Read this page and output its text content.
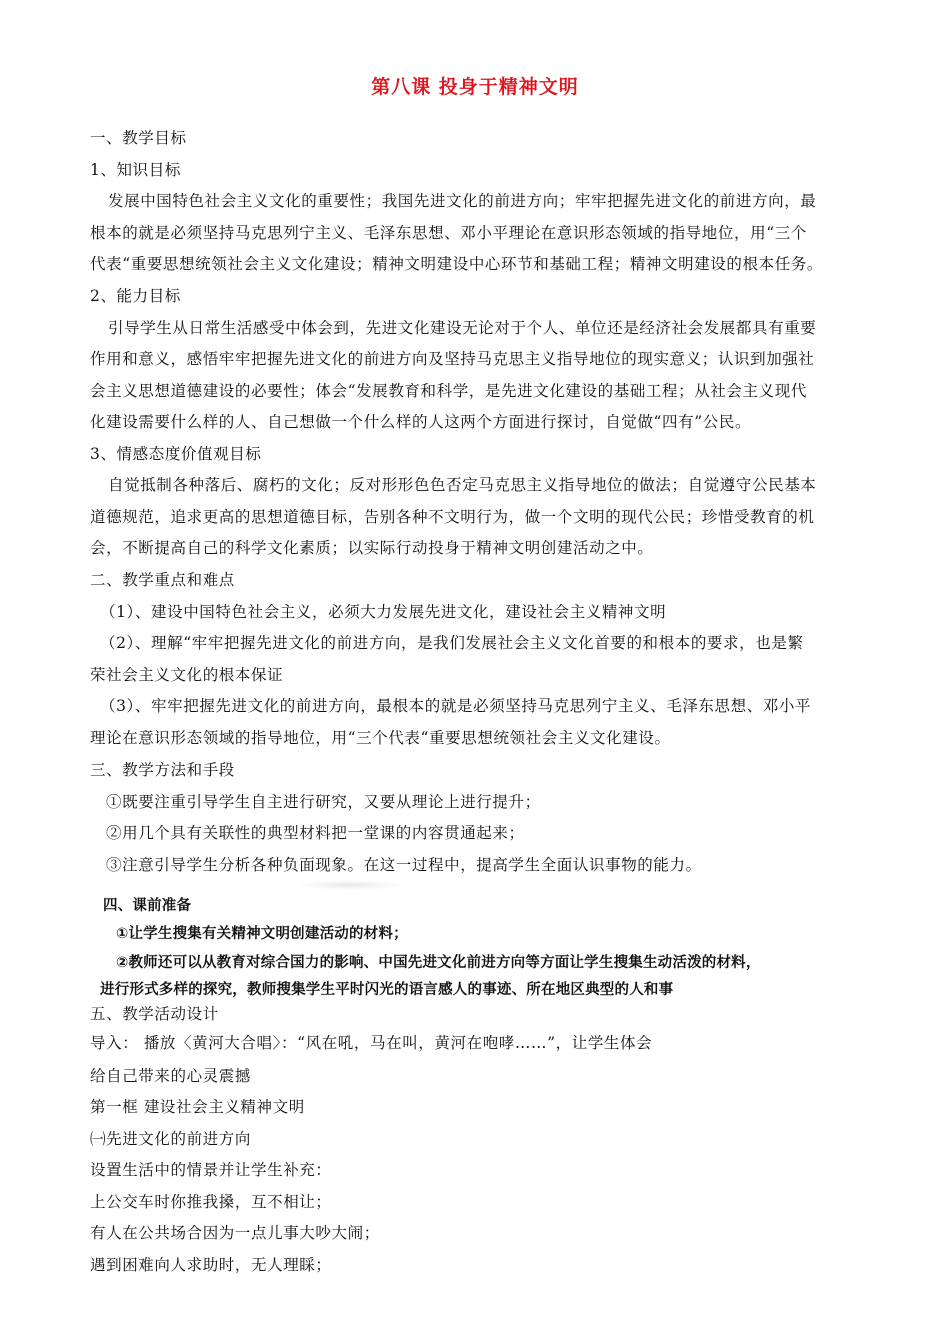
第八课 投身于精神文明
一、教学目标
1、知识目标
发展中国特色社会主义文化的重要性；我国先进文化的前进方向；牢牢把握先进文化的前进方向，最
根本的就是必须坚持马克思列宁主义、毛泽东思想、邓小平理论在意识形态领域的指导地位，用“三个
代表“重要思想统领社会主义文化建设；精神文明建设中心环节和基础工程；精神文明建设的根本任务。
2、能力目标
引导学生从日常生活感受中体会到，先进文化建设无论对于个人、单位还是经济社会发展都具有重要
作用和意义，感悟牢牢把握先进文化的前进方向及坚持马克思主义指导地位的现实意义；认识到加强社
会主义思想道德建设的必要性；体会“发展教育和科学，是先进文化建设的基础工程；从社会主义现代
化建设需要什么样的人、自己想做一个什么样的人这两个方面进行探讨，自觉做“四有”公民。
3、情感态度价值观目标
自觉抵制各种落后、腐朽的文化；反对形形色色否定马克思主义指导地位的做法；自觉遵守公民基本
道德规范，追求更高的思想道德目标，告别各种不文明行为，做一个文明的现代公民；珍惜受教育的机
会，不断提高自己的科学文化素质；以实际行动投身于精神文明创建活动之中。
二、教学重点和难点
（1）、建设中国特色社会主义，必须大力发展先进文化，建设社会主义精神文明
（2）、理解“牢牢把握先进文化的前进方向，是我们发展社会主义文化首要的和根本的要求，也是繁
荣社会主义文化的根本保证
（3）、牢牢把握先进文化的前进方向，最根本的就是必须坚持马克思列宁主义、毛泽东思想、邓小平
理论在意识形态领域的指导地位，用“三个代表“重要思想统领社会主义文化建设。
三、教学方法和手段
①既要注重引导学生自主进行研究，又要从理论上进行提升；
②用几个具有关联性的典型材料把一堂课的内容贯通起来；
③注意引导学生分析各种负面现象。在这一过程中，提高学生全面认识事物的能力。
四、课前准备
①让学生搜集有关精神文明创建活动的材料；
②教师还可以从教育对综合国力的影响、中国先进文化前进方向等方面让学生搜集生动活泼的材料，
进行形式多样的探究，教师搜集学生平时闪光的语言感人的事迹、所在地区典型的人和事
五、教学活动设计
导入： 播放〈黄河大合唱〉：“风在吼，马在叫，黄河在咆哮……”，让学生体会
给自己带来的心灵震撼
第一框 建设社会主义精神文明
㈠先进文化的前进方向
设置生活中的情景并让学生补充：
上公交车时你推我搡，互不相让；
有人在公共场合因为一点儿事大吵大闹；
遇到困难向人求助时，无人理睬；
